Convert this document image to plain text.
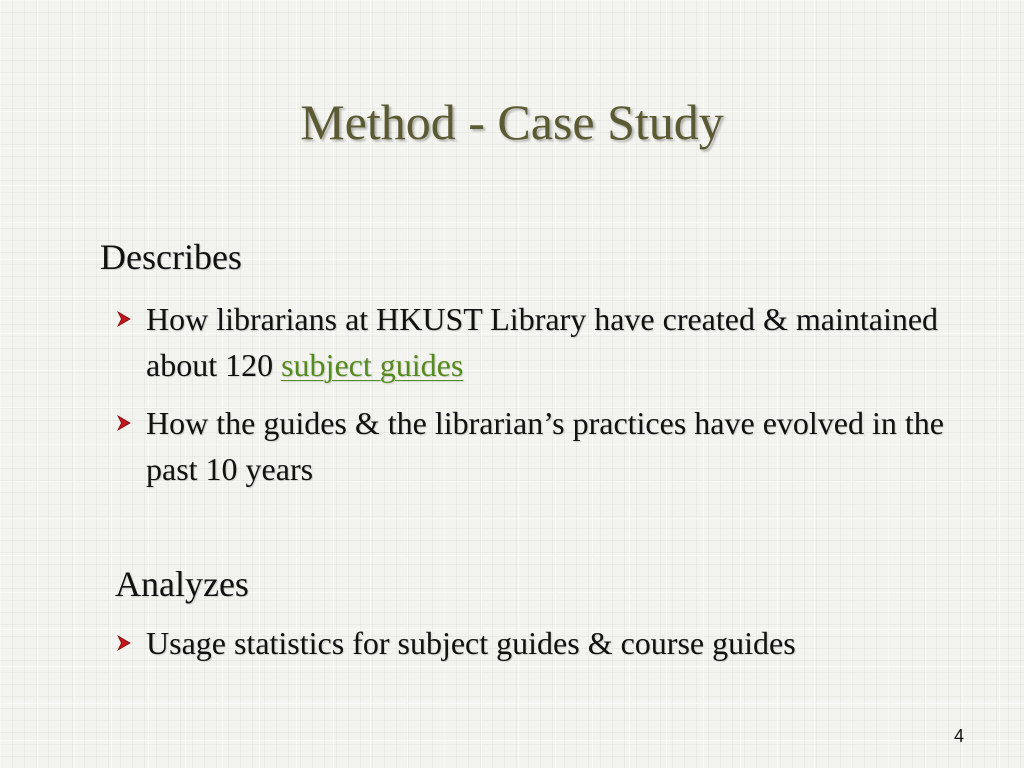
Method - Case Study
Describes
How librarians at HKUST Library have created & maintained about 120 subject guides
How the guides & the librarian’s practices have evolved in the past 10 years
Analyzes
Usage statistics for subject guides & course guides
4
